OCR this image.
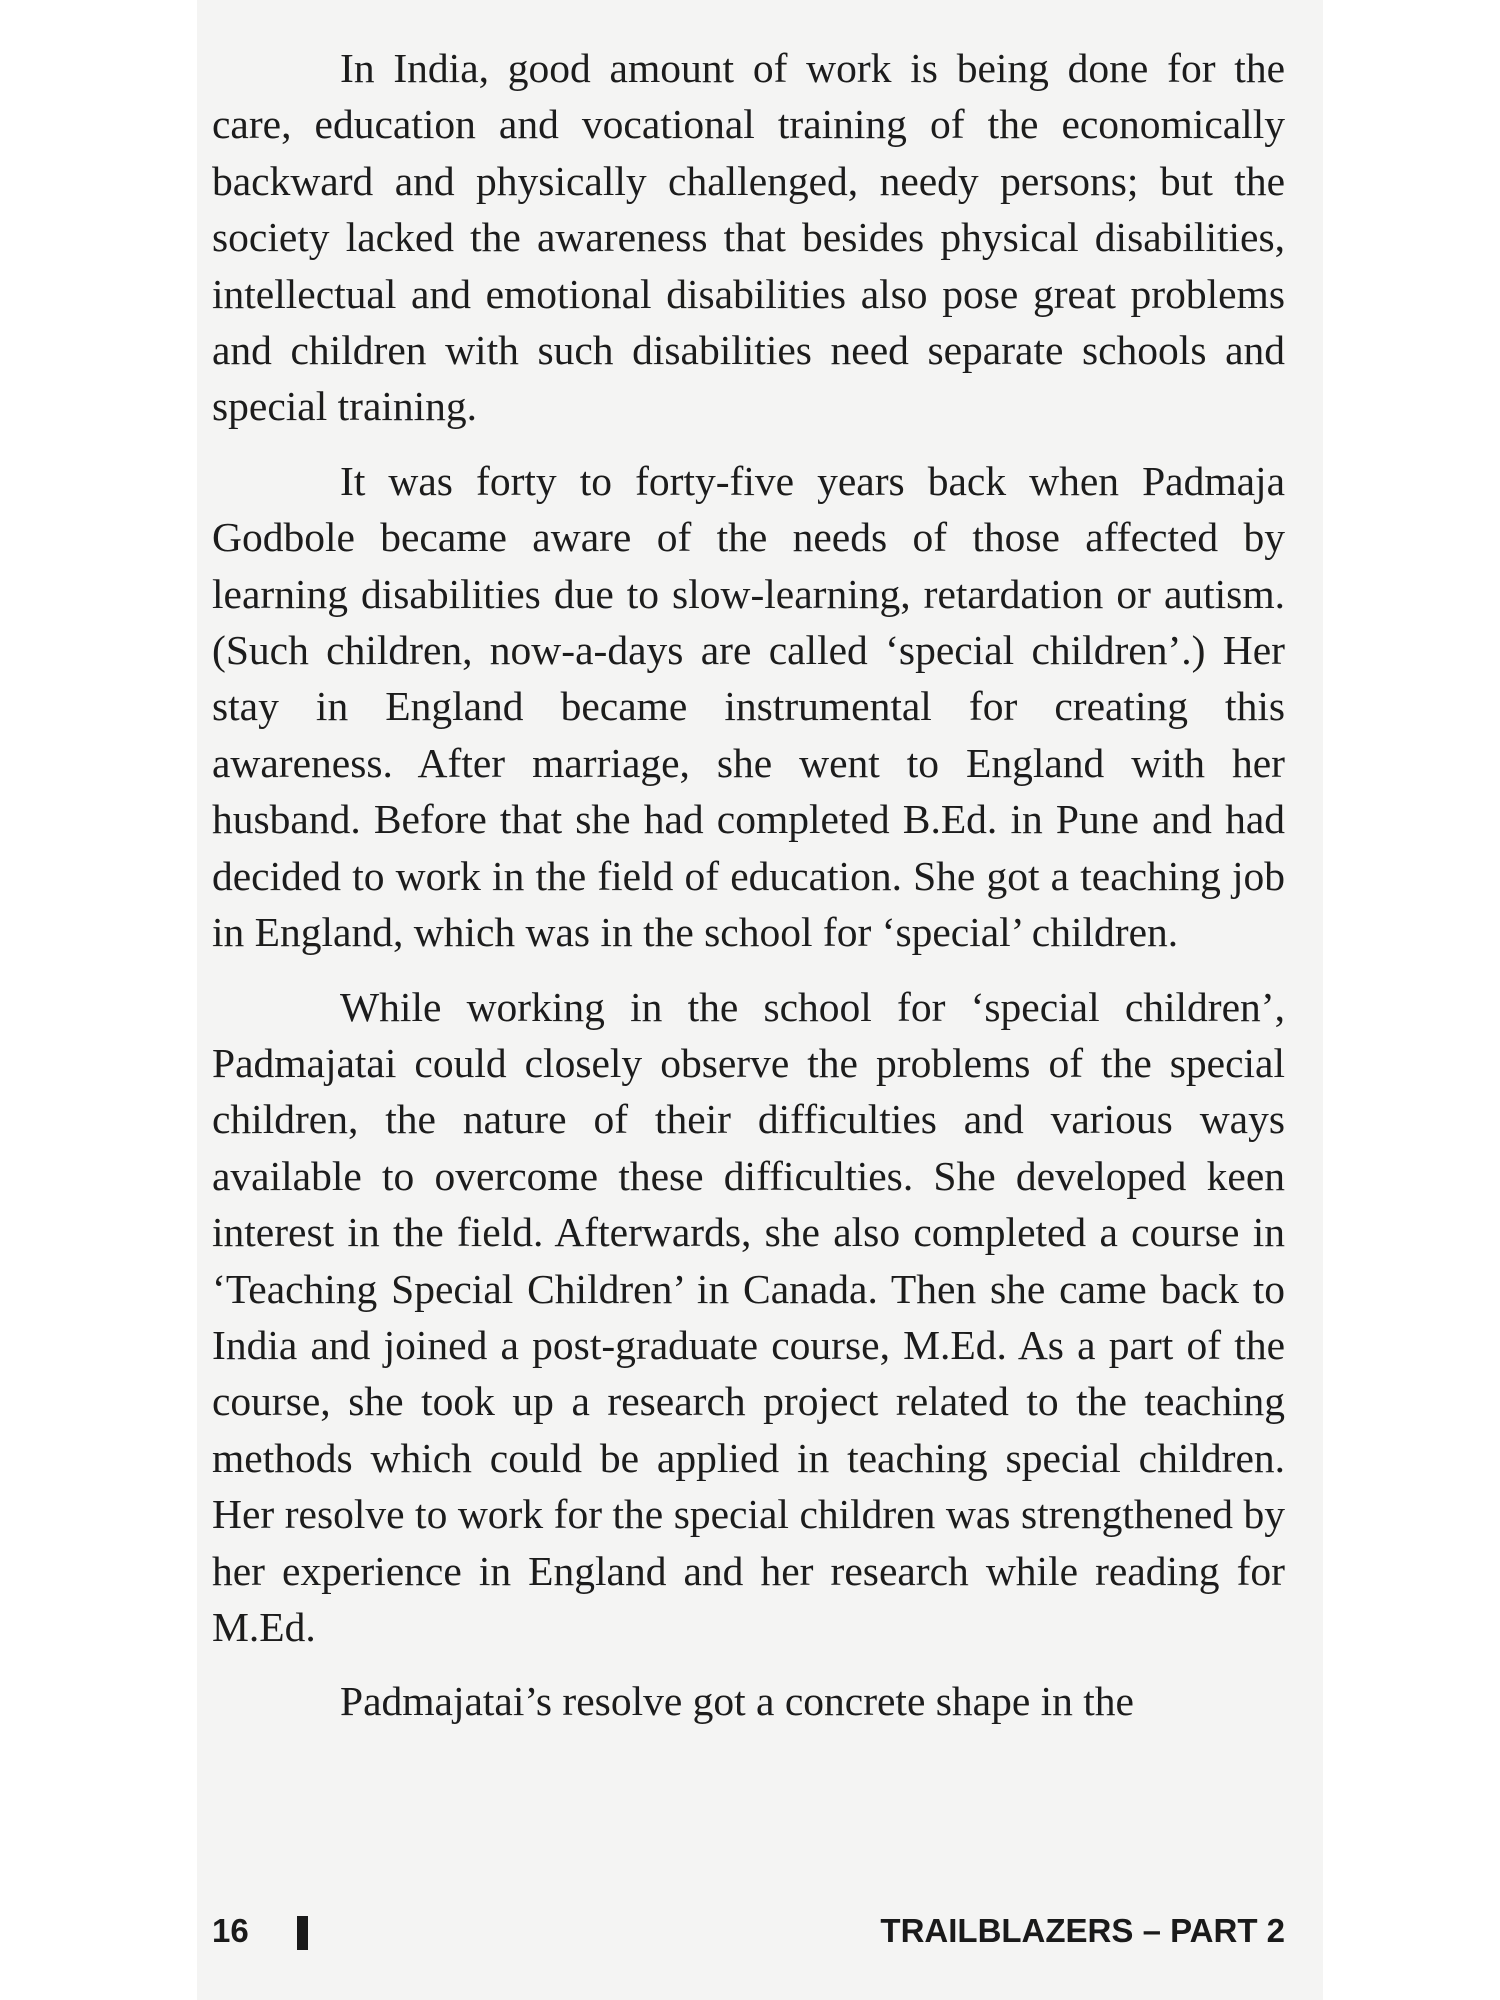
In India, good amount of work is being done for the care, education and vocational training of the economically backward and physically challenged, needy persons; but the society lacked the awareness that besides physical disabilities, intellectual and emotional disabilities also pose great problems and children with such disabilities need separate schools and special training.

It was forty to forty-five years back when Padmaja Godbole became aware of the needs of those affected by learning disabilities due to slow-learning, retardation or autism. (Such children, now-a-days are called ‘special children’.) Her stay in England became instrumental for creating this awareness. After marriage, she went to England with her husband. Before that she had completed B.Ed. in Pune and had decided to work in the field of education. She got a teaching job in England, which was in the school for ‘special’ children.

While working in the school for ‘special children’, Padmajatai could closely observe the problems of the special children, the nature of their difficulties and various ways available to overcome these difficulties. She developed keen interest in the field. Afterwards, she also completed a course in ‘Teaching Special Children’ in Canada. Then she came back to India and joined a post-graduate course, M.Ed. As a part of the course, she took up a research project related to the teaching methods which could be applied in teaching special children. Her resolve to work for the special children was strengthened by her experience in England and her research while reading for M.Ed.

Padmajatai’s resolve got a concrete shape in the

16	TRAILBLAZERS – PART 2
